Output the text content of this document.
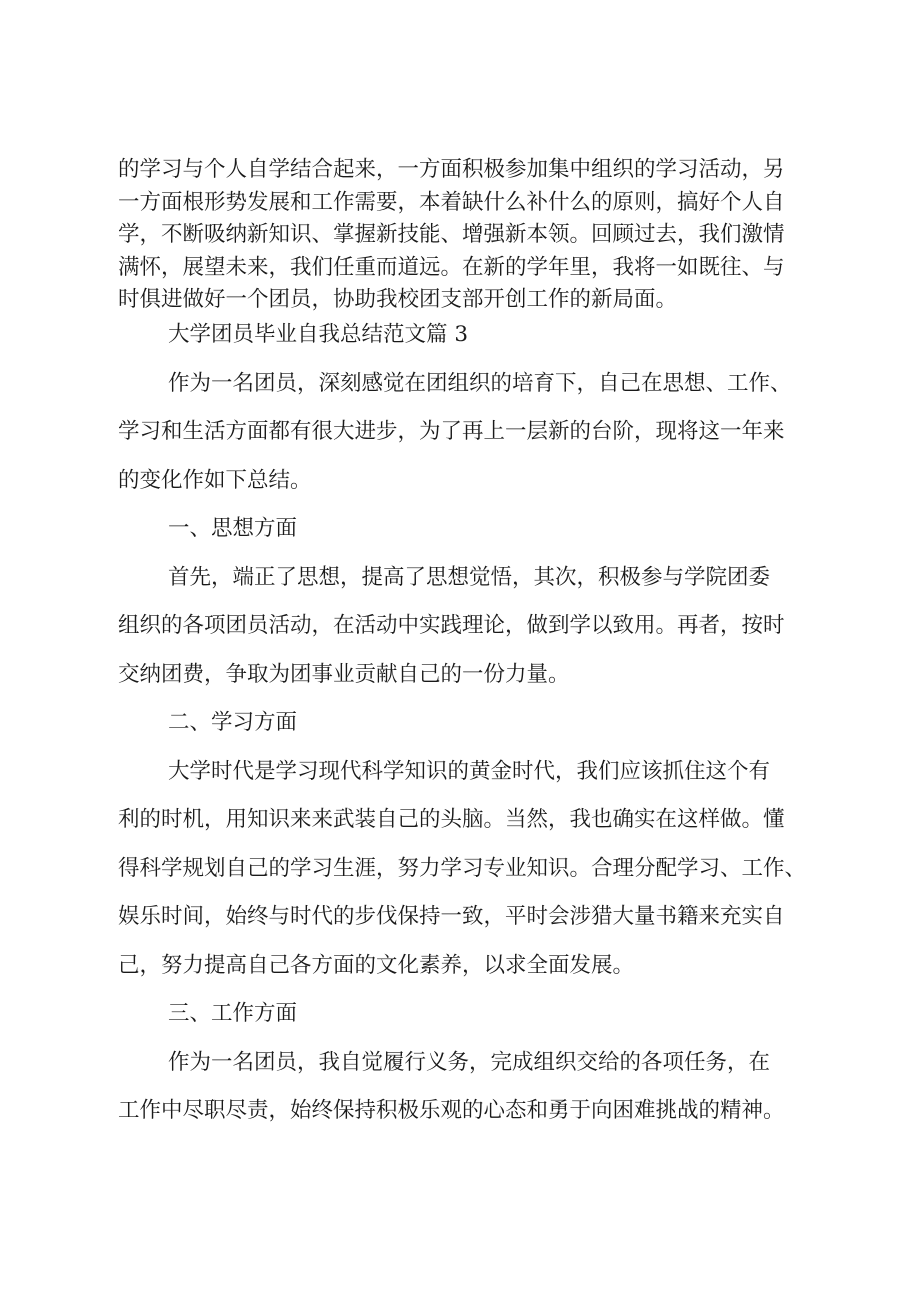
的学习与个人自学结合起来，一方面积极参加集中组织的学习活动，另
一方面根形势发展和工作需要，本着缺什么补什么的原则，搞好个人自
学，不断吸纳新知识、掌握新技能、增强新本领。回顾过去，我们激情
满怀，展望未来，我们任重而道远。在新的学年里，我将一如既往、与
时俱进做好一个团员，协助我校团支部开创工作的新局面。
大学团员毕业自我总结范文篇 3
作为一名团员，深刻感觉在团组织的培育下，自己在思想、工作、
学习和生活方面都有很大进步，为了再上一层新的台阶，现将这一年来
的变化作如下总结。
一、思想方面
首先，端正了思想，提高了思想觉悟，其次，积极参与学院团委
组织的各项团员活动，在活动中实践理论，做到学以致用。再者，按时
交纳团费，争取为团事业贡献自己的一份力量。
二、学习方面
大学时代是学习现代科学知识的黄金时代，我们应该抓住这个有
利的时机，用知识来来武装自己的头脑。当然，我也确实在这样做。懂
得科学规划自己的学习生涯，努力学习专业知识。合理分配学习、工作、
娱乐时间，始终与时代的步伐保持一致，平时会涉猎大量书籍来充实自
己，努力提高自己各方面的文化素养，以求全面发展。
三、工作方面
作为一名团员，我自觉履行义务，完成组织交给的各项任务，在
工作中尽职尽责，始终保持积极乐观的心态和勇于向困难挑战的精神。
